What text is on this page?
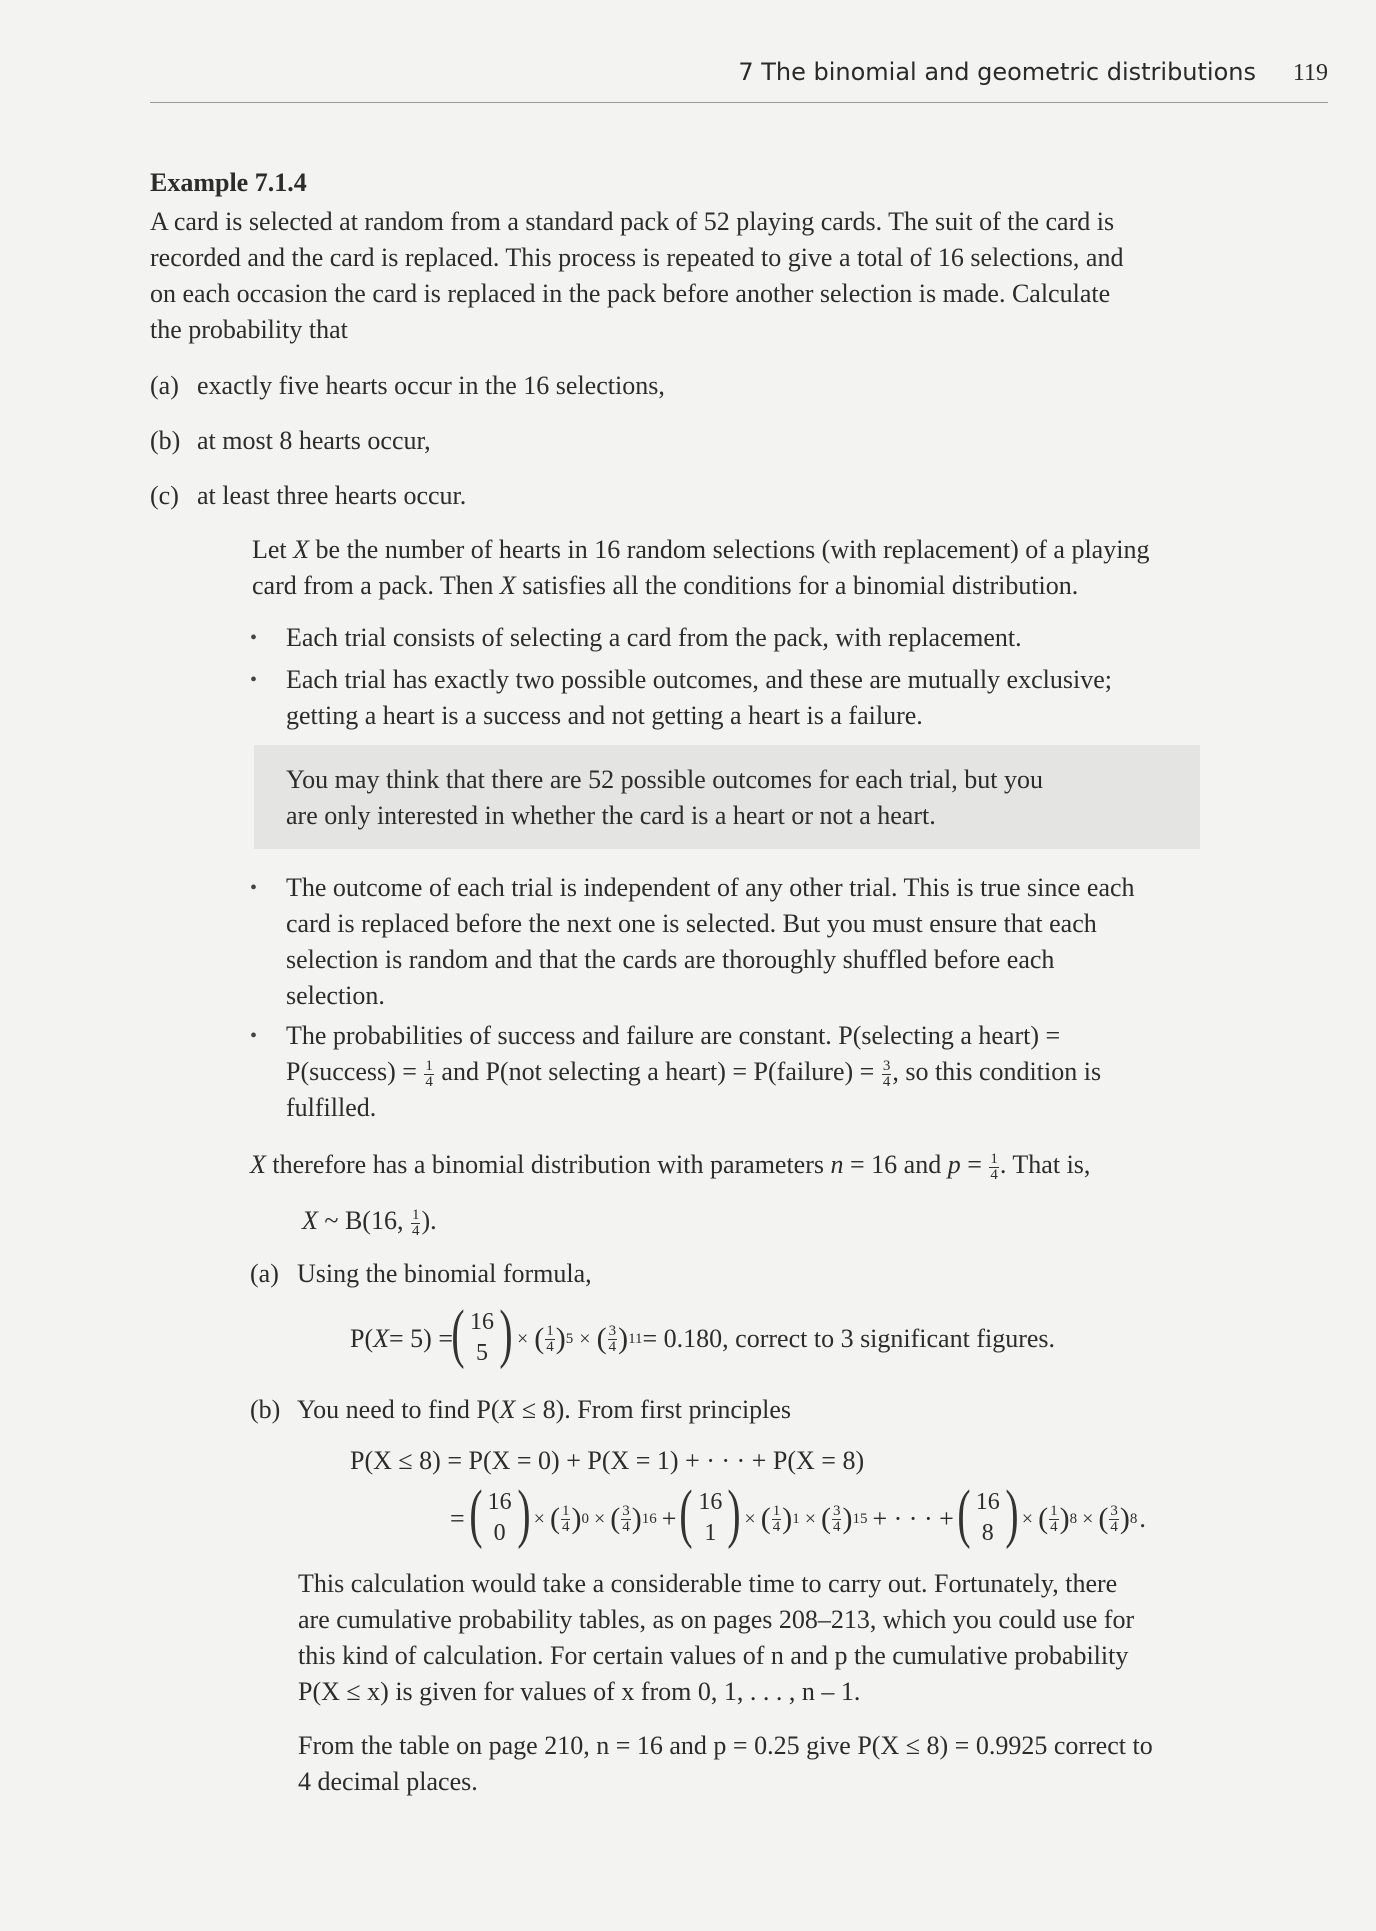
7 The binomial and geometric distributions 119
Example 7.1.4
A card is selected at random from a standard pack of 52 playing cards. The suit of the card is
recorded and the card is replaced. This process is repeated to give a total of 16 selections, and
on each occasion the card is replaced in the pack before another selection is made. Calculate
the probability that
(a) exactly five hearts occur in the 16 selections,
(b) at most 8 hearts occur,
(c) at least three hearts occur.
Let X be the number of hearts in 16 random selections (with replacement) of a playing
card from a pack. Then X satisfies all the conditions for a binomial distribution.
• Each trial consists of selecting a card from the pack, with replacement.
• Each trial has exactly two possible outcomes, and these are mutually exclusive;
getting a heart is a success and not getting a heart is a failure.
You may think that there are 52 possible outcomes for each trial, but you
are only interested in whether the card is a heart or not a heart.
• The outcome of each trial is independent of any other trial. This is true since each
card is replaced before the next one is selected. But you must ensure that each
selection is random and that the cards are thoroughly shuffled before each
selection.
• The probabilities of success and failure are constant. P(selecting a heart) =
P(success) = $\frac{1}{4}$ and P(not selecting a heart) = P(failure) = $\frac{3}{4}$ , so this condition is
fulfilled.
X therefore has a binomial distribution with parameters n = 16 and $p = \frac{1}{4}$ . That is,
X ~ B(16, $\frac{1}{4}$ ).
(a) Using the binomial formula,
P( X = 5) =
( 16
5 ) × ( $\frac{1}{4}$ ) 5 × ( $\frac{3}{4}$ ) 11 = 0.180, correct to 3 significant figures.
(b) You need to find P(X ≤ 8). From first principles
P(X ≤ 8) = P(X = 0) + P(X = 1) + · · · + P(X = 8)
= ( 16
0 ) × ( $\frac{1}{4}$ ) 0 × ( $\frac{3}{4}$ ) 16 + ( 16
1 ) × ( $\frac{1}{4}$ ) 1 × ( $\frac{3}{4}$ ) 15 + · · · + ( 16
8 ) × ( $\frac{1}{4}$ ) 8 × ( $\frac{3}{4}$ ) 8 .
This calculation would take a considerable time to carry out. Fortunately, there
are cumulative probability tables, as on pages 208–213, which you could use for
this kind of calculation. For certain values of n and p the cumulative probability
P(X ≤ x) is given for values of x from 0, 1, . . . , n – 1.
From the table on page 210, n = 16 and p = 0.25 give P(X ≤ 8) = 0.9925 correct to
4 decimal places.
